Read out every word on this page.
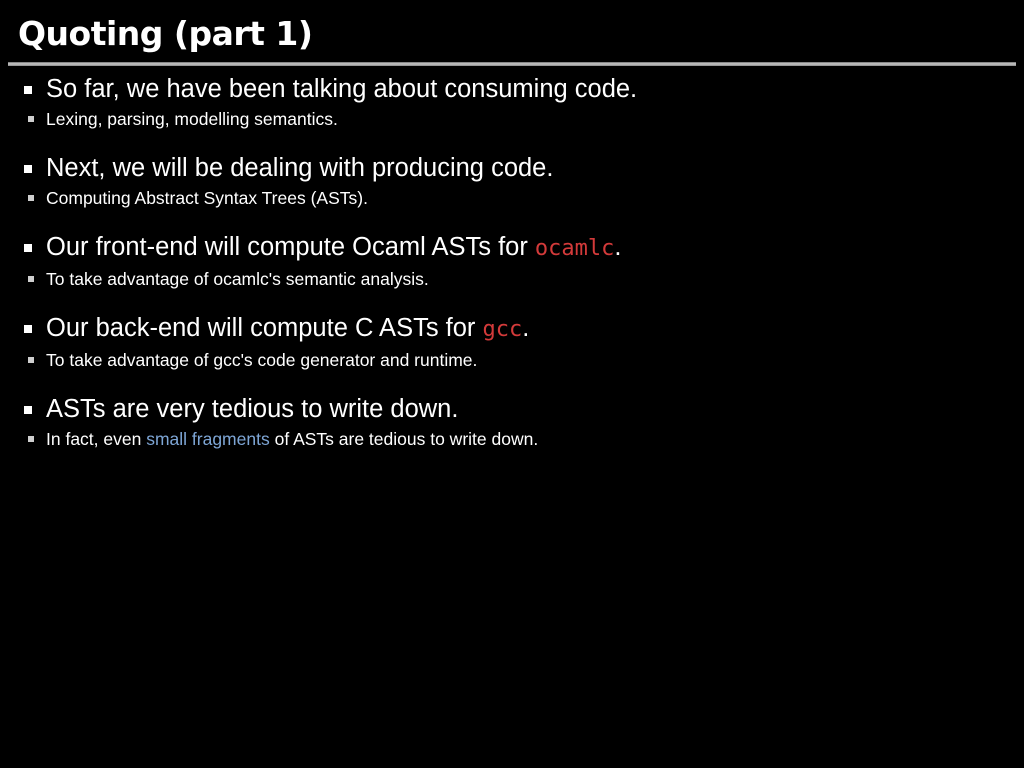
Quoting (part 1)
So far, we have been talking about consuming code.
Lexing, parsing, modelling semantics.
Next, we will be dealing with producing code.
Computing Abstract Syntax Trees (ASTs).
Our front-end will compute Ocaml ASTs for ocamlc.
To take advantage of ocamlc's semantic analysis.
Our back-end will compute C ASTs for gcc.
To take advantage of gcc's code generator and runtime.
ASTs are very tedious to write down.
In fact, even small fragments of ASTs are tedious to write down.
